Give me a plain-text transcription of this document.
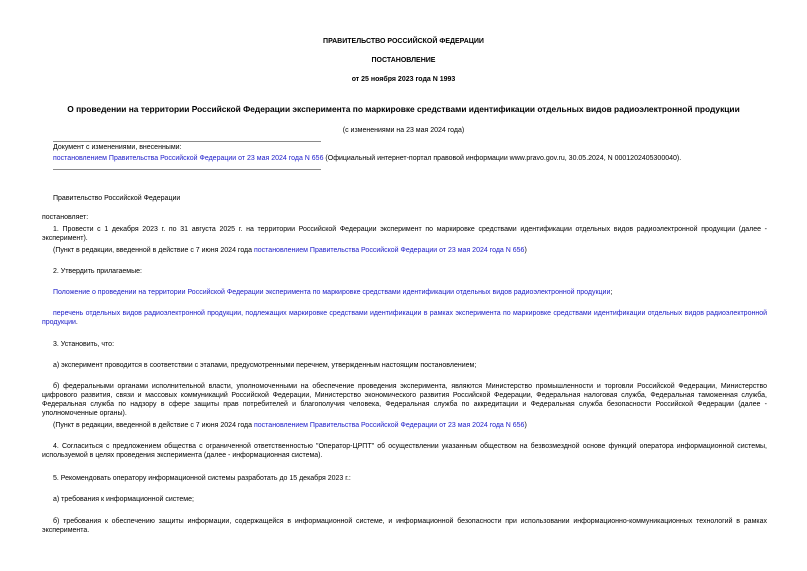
ПРАВИТЕЛЬСТВО РОССИЙСКОЙ ФЕДЕРАЦИИ
ПОСТАНОВЛЕНИЕ
от 25 ноября 2023 года N 1993
О проведении на территории Российской Федерации эксперимента по маркировке средствами идентификации отдельных видов радиоэлектронной продукции
(с изменениями на 23 мая 2024 года)
Документ с изменениями, внесенными:
постановлением Правительства Российской Федерации от 23 мая 2024 года N 656 (Официальный интернет-портал правовой информации www.pravo.gov.ru, 30.05.2024, N 0001202405300040).
Правительство Российской Федерации
постановляет:
1. Провести с 1 декабря 2023 г. по 31 августа 2025 г. на территории Российской Федерации эксперимент по маркировке средствами идентификации отдельных видов радиоэлектронной продукции (далее - эксперимент).
(Пункт в редакции, введенной в действие с 7 июня 2024 года постановлением Правительства Российской Федерации от 23 мая 2024 года N 656)
2. Утвердить прилагаемые:
Положение о проведении на территории Российской Федерации эксперимента по маркировке средствами идентификации отдельных видов радиоэлектронной продукции;
перечень отдельных видов радиоэлектронной продукции, подлежащих маркировке средствами идентификации в рамках эксперимента по маркировке средствами идентификации отдельных видов радиоэлектронной продукции.
3. Установить, что:
а) эксперимент проводится в соответствии с этапами, предусмотренными перечнем, утвержденным настоящим постановлением;
б) федеральными органами исполнительной власти, уполномоченными на обеспечение проведения эксперимента, являются Министерство промышленности и торговли Российской Федерации, Министерство цифрового развития, связи и массовых коммуникаций Российской Федерации, Министерство экономического развития Российской Федерации, Федеральная налоговая служба, Федеральная таможенная служба, Федеральная служба по надзору в сфере защиты прав потребителей и благополучия человека, Федеральная служба по аккредитации и Федеральная служба безопасности Российской Федерации (далее - уполномоченные органы).
(Пункт в редакции, введенной в действие с 7 июня 2024 года постановлением Правительства Российской Федерации от 23 мая 2024 года N 656)
4. Согласиться с предложением общества с ограниченной ответственностью "Оператор-ЦРПТ" об осуществлении указанным обществом на безвозмездной основе функций оператора информационной системы, используемой в целях проведения эксперимента (далее - информационная система).
5. Рекомендовать оператору информационной системы разработать до 15 декабря 2023 г.:
а) требования к информационной системе;
б) требования к обеспечению защиты информации, содержащейся в информационной системе, и информационной безопасности при использовании информационно-коммуникационных технологий в рамках эксперимента.
